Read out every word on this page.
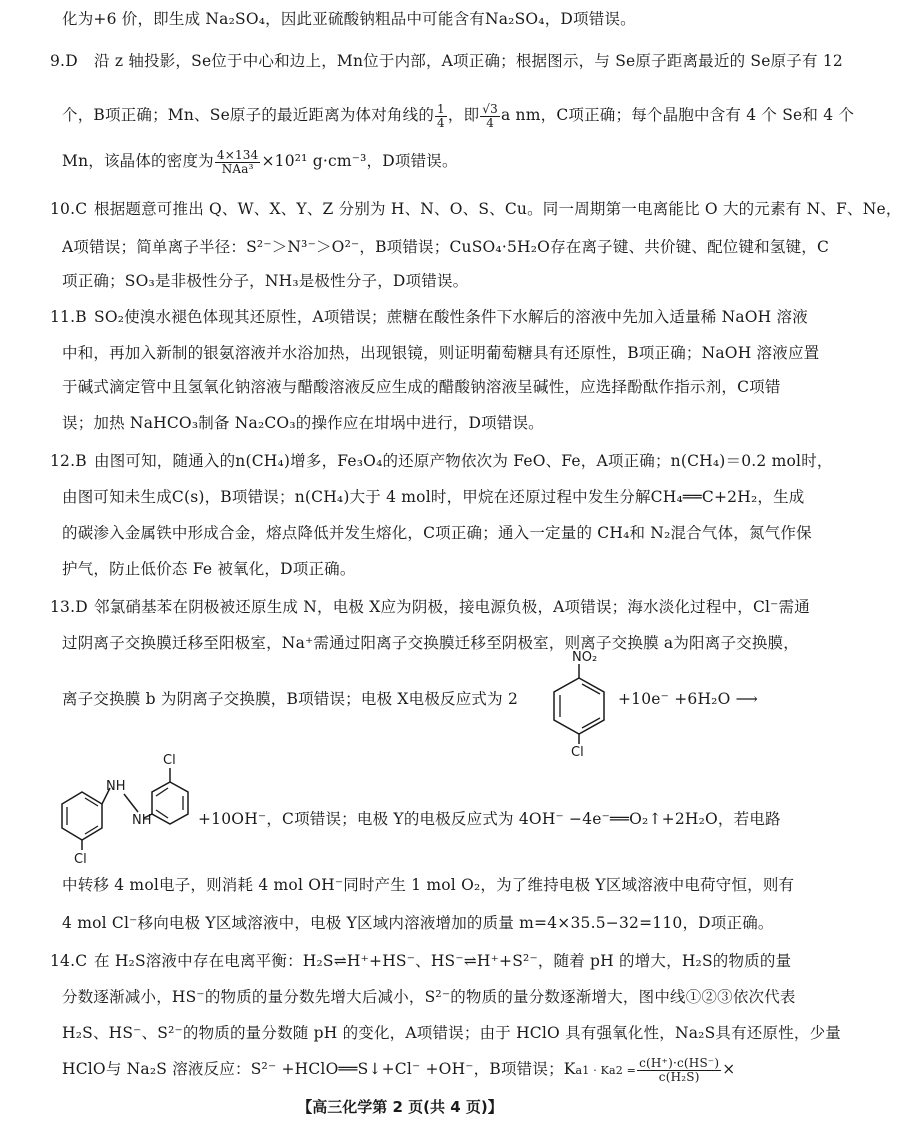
化为+6 价，即生成 Na₂SO₄，因此亚硫酸钠粗品中可能含有Na₂SO₄，D项错误。
9.D 沿 z 轴投影，Se位于中心和边上，Mn位于内部，A项正确；根据图示，与 Se原子距离最近的 Se原子有 12
个，B项正确；Mn、Se原子的最近距离为体对角线的 $\frac{1}{4}$ ，即 $\frac{√3}{4}$ a nm，C项正确；每个晶胞中含有 4 个 Se和 4 个
Mn，该晶体的密度为 $\frac{4\times 134}{\text{NAa³}} \times 10^{21}$ g·cm⁻³，D项错误。
10.C 根据题意可推出 Q、W、X、Y、Z 分别为 H、N、O、S、Cu。同一周期第一电离能比 O 大的元素有 N、F、Ne，
A项错误；简单离子半径：S²⁻＞N³⁻＞O²⁻，B项错误；CuSO₄·5H₂O存在离子键、共价键、配位键和氢键，C
项正确；SO₃是非极性分子，NH₃是极性分子，D项错误。
11.B SO₂使溴水褪色体现其还原性，A项错误；蔗糖在酸性条件下水解后的溶液中先加入适量稀 NaOH 溶液
中和，再加入新制的银氨溶液并水浴加热，出现银镜，则证明葡萄糖具有还原性，B项正确；NaOH 溶液应置
于碱式滴定管中且氢氧化钠溶液与醋酸溶液反应生成的醋酸钠溶液呈碱性，应选择酚酞作指示剂，C项错
误；加热 NaHCO₃制备 Na₂CO₃的操作应在坩埚中进行，D项错误。
12.B 由图可知，随通入的n(CH₄)增多，Fe₃O₄的还原产物依次为 FeO、Fe，A项正确；n(CH₄)＝0.2 mol时，
由图可知未生成C(s)，B项错误；n(CH₄)大于 4 mol时，甲烷在还原过程中发生分解CH₄══C+2H₂，生成
的碳渗入金属铁中形成合金，熔点降低并发生熔化，C项正确；通入一定量的 CH₄和 N₂混合气体，氮气作保
护气，防止低价态 Fe 被氧化，D项正确。
13.D 邻氯硝基苯在阴极被还原生成 N，电极 X应为阴极，接电源负极，A项错误；海水淡化过程中，Cl⁻需通
过阴离子交换膜迁移至阳极室，Na⁺需通过阳离子交换膜迁移至阴极室，则离子交换膜 a为阳离子交换膜，
离子交换膜 b 为阴离子交换膜，B项错误；电极 X电极反应式为 2
NO₂
Cl
+10e⁻ +6H₂O ⟶
Cl
NH
NH
Cl
+10OH⁻，C项错误；电极 Y的电极反应式为 4OH⁻ −4e⁻══O₂↑+2H₂O，若电路
中转移 4 mol电子，则消耗 4 mol OH⁻同时产生 1 mol O₂，为了维持电极 Y区域溶液中电荷守恒，则有
4 mol Cl⁻移向电极 Y区域溶液中，电极 Y区域内溶液增加的质量 m=4×35.5−32=110，D项正确。
14.C 在 H₂S溶液中存在电离平衡：H₂S⇌H⁺+HS⁻、HS⁻⇌H⁺+S²⁻，随着 pH 的增大，H₂S的物质的量
分数逐渐减小，HS⁻的物质的量分数先增大后减小，S²⁻的物质的量分数逐渐增大，图中线①②③依次代表
H₂S、HS⁻、S²⁻的物质的量分数随 pH 的变化，A项错误；由于 HClO 具有强氧化性，Na₂S具有还原性，少量
HClO与 Na₂S 溶液反应：S²⁻ +HClO══S↓+Cl⁻ +OH⁻，B项错误；$Ka1 \cdot Ka2 = \frac{c(H^+)\cdot c(HS^-)}{\text{c(H₂S)}}$ ×
【高三化学第 2 页(共 4 页)】
